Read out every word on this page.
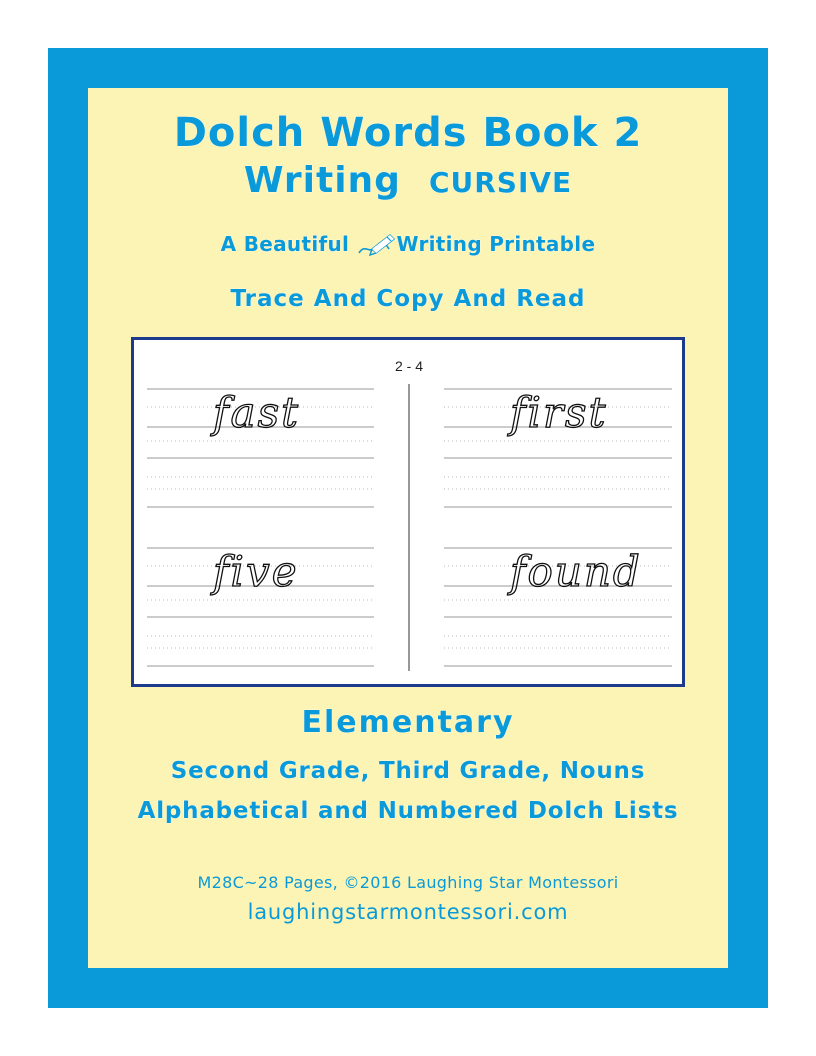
Dolch Words Book 2

Writing CURSIVE

A Beautiful Writing Printable

Trace And Copy And Read

2 - 4
fast
five
first
found

Elementary

Second Grade, Third Grade, Nouns

Alphabetical and Numbered Dolch Lists

M28C~28 Pages, ©2016 Laughing Star Montessori

laughingstarmontessori.com
